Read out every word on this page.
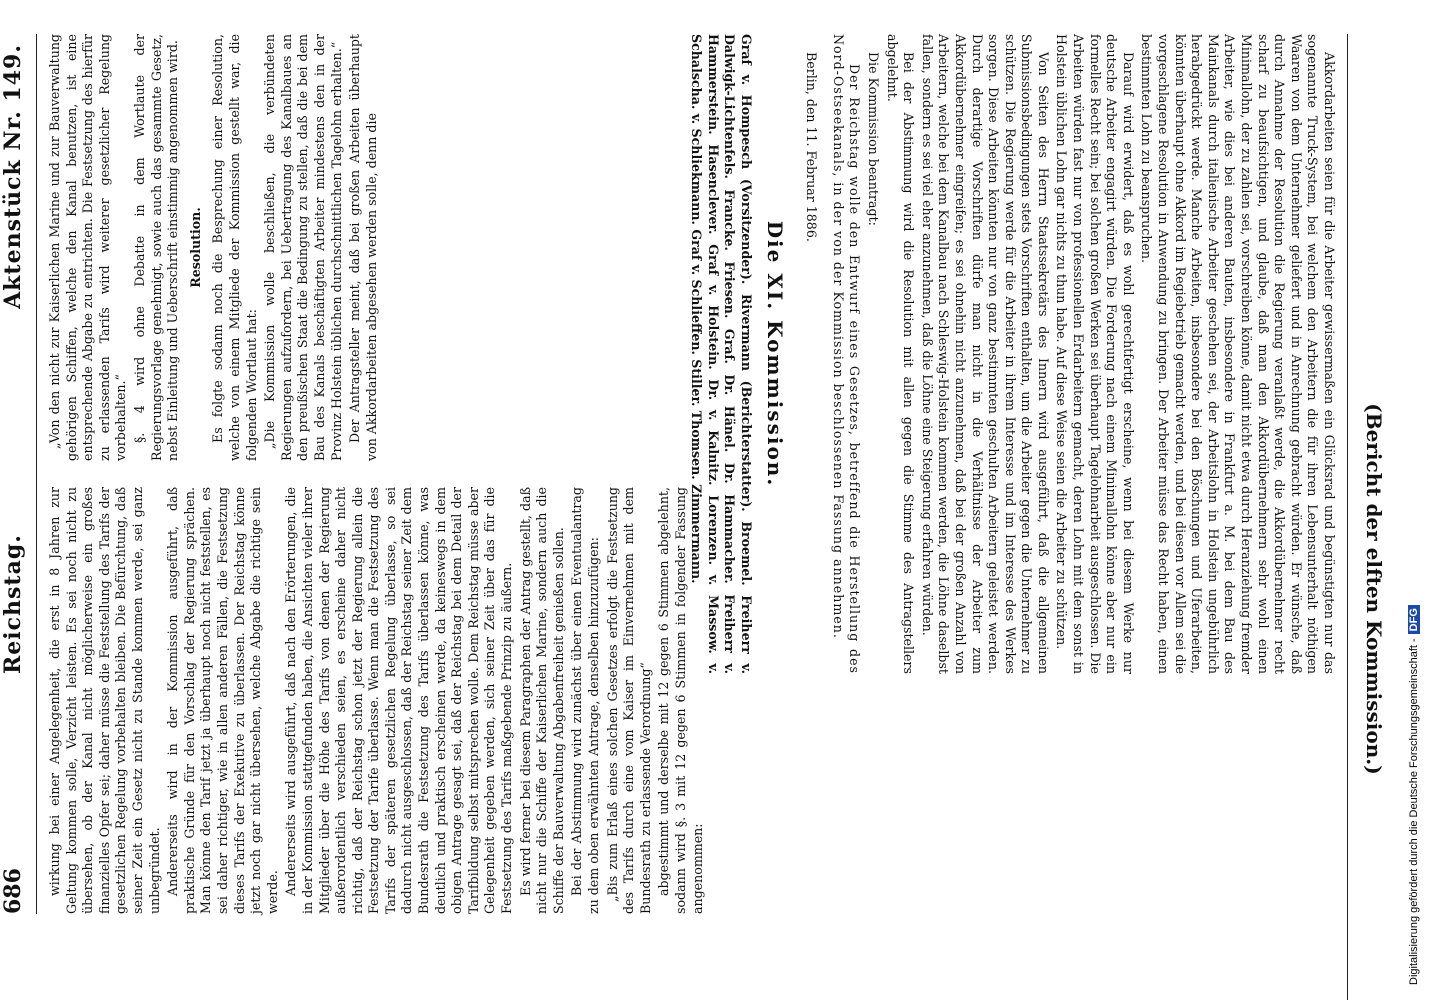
(Bericht der elften Kommission.)

Akkordarbeiten seien für die Arbeiter gewissermaßen ein Glücksrad und begünstigten nur das sogenannte Truck-System, bei welchem den Arbeitern die für ihren Lebensunterhalt nöthigen Waaren von dem Unternehmer geliefert und in Anrechnung gebracht würden. Er wünsche, daß durch Annahme der Resolution die Regierung veranlaßt werde, die Akkordübernehmer recht scharf zu beaufsichtigen, und glaube, daß man den Akkordübernehmern sehr wohl einen Minimallohn, der zu zahlen sei, vorschreiben könne, damit nicht etwa durch Heranziehung fremder Arbeiter, wie dies bei anderen Bauten, insbesondere in Frankfurt a. M. bei dem Bau des Mainkanals durch italienische Arbeiter geschehen sei, der Arbeitslohn in Holstein ungebührlich herabgedrückt werde. Manche Arbeiten, insbesondere bei den Böschungen und Uferarbeiten, könnten überhaupt ohne Akkord im Regiebetrieb gemacht werden, und bei diesen vor Allem sei die vorgeschlagene Resolution in Anwendung zu bringen. Der Arbeiter müsse das Recht haben, einen bestimmten Lohn zu beanspruchen.

Darauf wird erwidert, daß es wohl gerechtfertigt erscheine, wenn bei diesem Werke nur deutsche Arbeiter engagirt würden. Die Forderung nach einem Minimallohn könne aber nur ein formelles Recht sein; bei solchen großen Werken sei überhaupt Tagelohnarbeit ausgeschlossen. Die Arbeiten würden fast nur von professionellen Erdarbeitern gemacht, deren Lohn mit dem sonst in Holstein üblichen Lohn gar nichts zu thun habe. Auf diese Weise seien die Arbeiter zu schützen.

Von Seiten des Herrn Staatssekretärs des Innern wird ausgeführt, daß die allgemeinen Submissionsbedingungen stets Vorschriften enthalten, um die Arbeiter gegen die Unternehmer zu schützen. Die Regierung werde für die Arbeiter in ihrem Interesse und im Interesse des Werkes sorgen. Diese Arbeiten könnten nur von ganz bestimmten geschulten Arbeitern geleistet werden. Durch derartige Vorschriften dürfe man nicht in die Verhältnisse der Arbeiter zum Akkordübernehmer eingreifen; es sei ohnehin nicht anzunehmen, daß bei der großen Anzahl von Arbeitern, welche bei dem Kanalbau nach Schleswig-Holstein kommen werden, die Löhne daselbst fallen, sondern es sei viel eher anzunehmen, daß die Löhne eine Steigerung erfahren würden.

Bei der Abstimmung wird die Resolution mit allen gegen die Stimme des Antragstellers abgelehnt.

Die Kommission beantragt:

Der Reichstag wolle den Entwurf eines Gesetzes, betreffend die Herstellung des Nord-Ostseekanals, in der von der Kommission beschlossenen Fassung annehmen.

Berlin, den 11. Februar 1886.

Die XI. Kommission.

Graf v. Hompesch (Vorsitzender). Rivermann (Berichterstatter). Broemel. Freiherr v. Dalwigk-Lichtenfels. Francke. Friesen. Graf. Dr. Hänel. Dr. Hammacher. Freiherr v. Hammerstein. Hasenclever. Graf v. Holstein. Dr. v. Kalnitz. Lorenzen. v. Massow. v. Schalscha. v. Schliekmann. Graf v. Schlieffen. Stiller. Thomsen. Zimmermann.

686
Reichstag.
Aktenstück Nr. 149.

wirkung bei einer Angelegenheit, die erst in 8 Jahren zur Geltung kommen solle, Verzicht leisten. Es sei noch nicht zu übersehen, ob der Kanal nicht möglicherweise ein großes finanzielles Opfer sei; daher müsse die Feststellung des Tarifs der gesetzlichen Regelung vorbehalten bleiben. Die Befürchtung, daß seiner Zeit ein Gesetz nicht zu Stande kommen werde, sei ganz unbegründet. Andererseits wird in der Kommission ausgeführt, daß praktische Gründe für den Vorschlag der Regierung sprächen. Man könne den Tarif jetzt ja überhaupt noch nicht feststellen, es sei daher richtiger, wie in allen anderen Fällen, die Festsetzung dieses Tarifs der Exekutive zu überlassen. Der Reichstag könne jetzt noch gar nicht übersehen, welche Abgabe die richtige sein werde. Andererseits wird ausgeführt, daß nach den Erörterungen, die in der Kommission stattgefunden haben, die Ansichten vieler ihrer Mitglieder über die Höhe des Tarifs von denen der Regierung außerordentlich verschieden seien, es erscheine daher nicht richtig, daß der Reichstag schon jetzt der Regierung allein die Festsetzung der Tarife überlasse. Wenn man die Festsetzung des Tarifs der späteren gesetzlichen Regelung überlasse, so sei dadurch nicht ausgeschlossen, daß der Reichstag seiner Zeit dem Bundesrath die Festsetzung des Tarifs überlassen könne, was deutlich und praktisch erscheinen werde, da keineswegs in dem obigen Antrage gesagt sei, daß der Reichstag bei dem Detail der Tarifbildung selbst mitsprechen wolle. Dem Reichstag müsse aber Gelegenheit gegeben werden, sich seiner Zeit über das für die Festsetzung des Tarifs maßgebende Prinzip zu äußern. Es wird ferner bei diesem Paragraphen der Antrag gestellt, daß nicht nur die Schiffe der Kaiserlichen Marine, sondern auch die Schiffe der Bauverwaltung Abgabenfreiheit genießen sollen. Bei der Abstimmung wird zunächst über einen Eventualantrag zu dem oben erwähnten Antrage, denselben hinzuzufügen: „Bis zum Erlaß eines solchen Gesetzes erfolgt die Festsetzung des Tarifs durch eine vom Kaiser im Einvernehmen mit dem Bundesrath zu erlassende Verordnung“ abgestimmt und derselbe mit 12 gegen 6 Stimmen abgelehnt, sodann wird §. 3 mit 12 gegen 6 Stimmen in folgender Fassung angenommen:

„Von den nicht zur Kaiserlichen Marine und zur Bauverwaltung gehörigen Schiffen, welche den Kanal benutzen, ist eine entsprechende Abgabe zu entrichten. Die Festsetzung des hierfür zu erlassenden Tarifs wird weiterer gesetzlicher Regelung vorbehalten.“ §. 4 wird ohne Debatte in dem Wortlaute der Regierungsvorlage genehmigt, sowie auch das gesammte Gesetz, nebst Einleitung und Ueberschrift einstimmig angenommen wird. Resolution. Es folgte sodann noch die Besprechung einer Resolution, welche von einem Mitgliede der Kommission gestellt war, die folgenden Wortlaut hat: „Die Kommission wolle beschließen, die verbündeten Regierungen aufzufordern, bei Uebertragung des Kanalbaues an den preußischen Staat die Bedingung zu stellen, daß die bei dem Bau des Kanals beschäftigten Arbeiter mindestens den in der Provinz Holstein üblichen durchschnittlichen Tagelohn erhalten.“ Der Antragsteller meint, daß bei großen Arbeiten überhaupt von Akkordarbeiten abgesehen werden solle, denn die

Digitalisierung gefördert durch die Deutsche Forschungsgemeinschaft -DFG
